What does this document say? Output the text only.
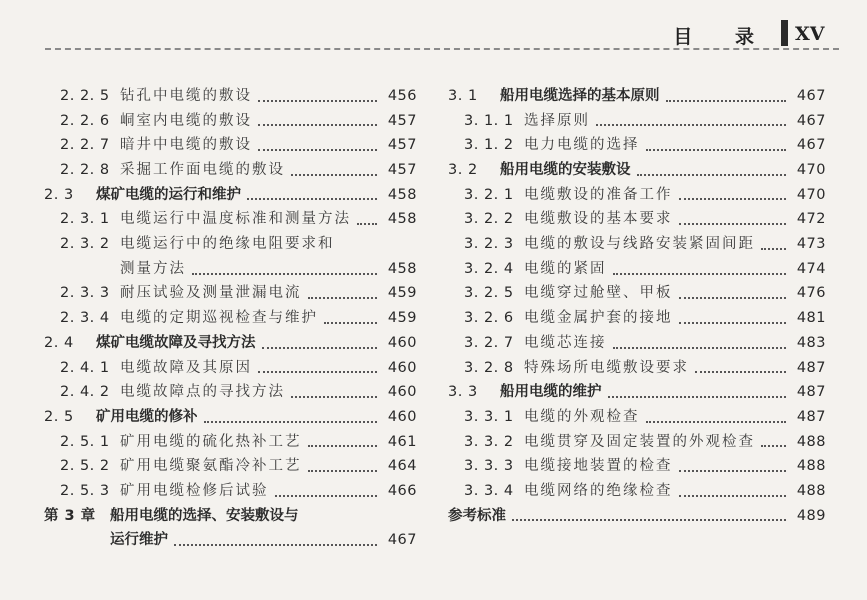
目 录 XV
2. 2. 5 钻孔中电缆的敷设	456
2. 2. 6 峒室内电缆的敷设	457
2. 2. 7 暗井中电缆的敷设	457
2. 2. 8 采掘工作面电缆的敷设	457
2. 3	煤矿电缆的运行和维护	458
2. 3. 1 电缆运行中温度标准和测量方法	458
2. 3. 2 电缆运行中的绝缘电阻要求和
测量方法	458
2. 3. 3 耐压试验及测量泄漏电流	459
2. 3. 4 电缆的定期巡视检查与维护	459
2. 4	煤矿电缆故障及寻找方法	460
2. 4. 1 电缆故障及其原因	460
2. 4. 2 电缆故障点的寻找方法	460
2. 5	矿用电缆的修补	460
2. 5. 1 矿用电缆的硫化热补工艺	461
2. 5. 2 矿用电缆聚氨酯冷补工艺	464
2. 5. 3 矿用电缆检修后试验	466
第 3 章 船用电缆的选择、安装敷设与
运行维护	467
3. 1	船用电缆选择的基本原则	467
3. 1. 1 选择原则	467
3. 1. 2 电力电缆的选择	467
3. 2	船用电缆的安装敷设	470
3. 2. 1 电缆敷设的准备工作	470
3. 2. 2 电缆敷设的基本要求	472
3. 2. 3 电缆的敷设与线路安装紧固间距	473
3. 2. 4 电缆的紧固	474
3. 2. 5 电缆穿过舱壁、甲板	476
3. 2. 6 电缆金属护套的接地	481
3. 2. 7 电缆芯连接	483
3. 2. 8 特殊场所电缆敷设要求	487
3. 3	船用电缆的维护	487
3. 3. 1 电缆的外观检查	487
3. 3. 2 电缆贯穿及固定装置的外观检查	488
3. 3. 3 电缆接地装置的检查	488
3. 3. 4 电缆网络的绝缘检查	488
参考标准	489
